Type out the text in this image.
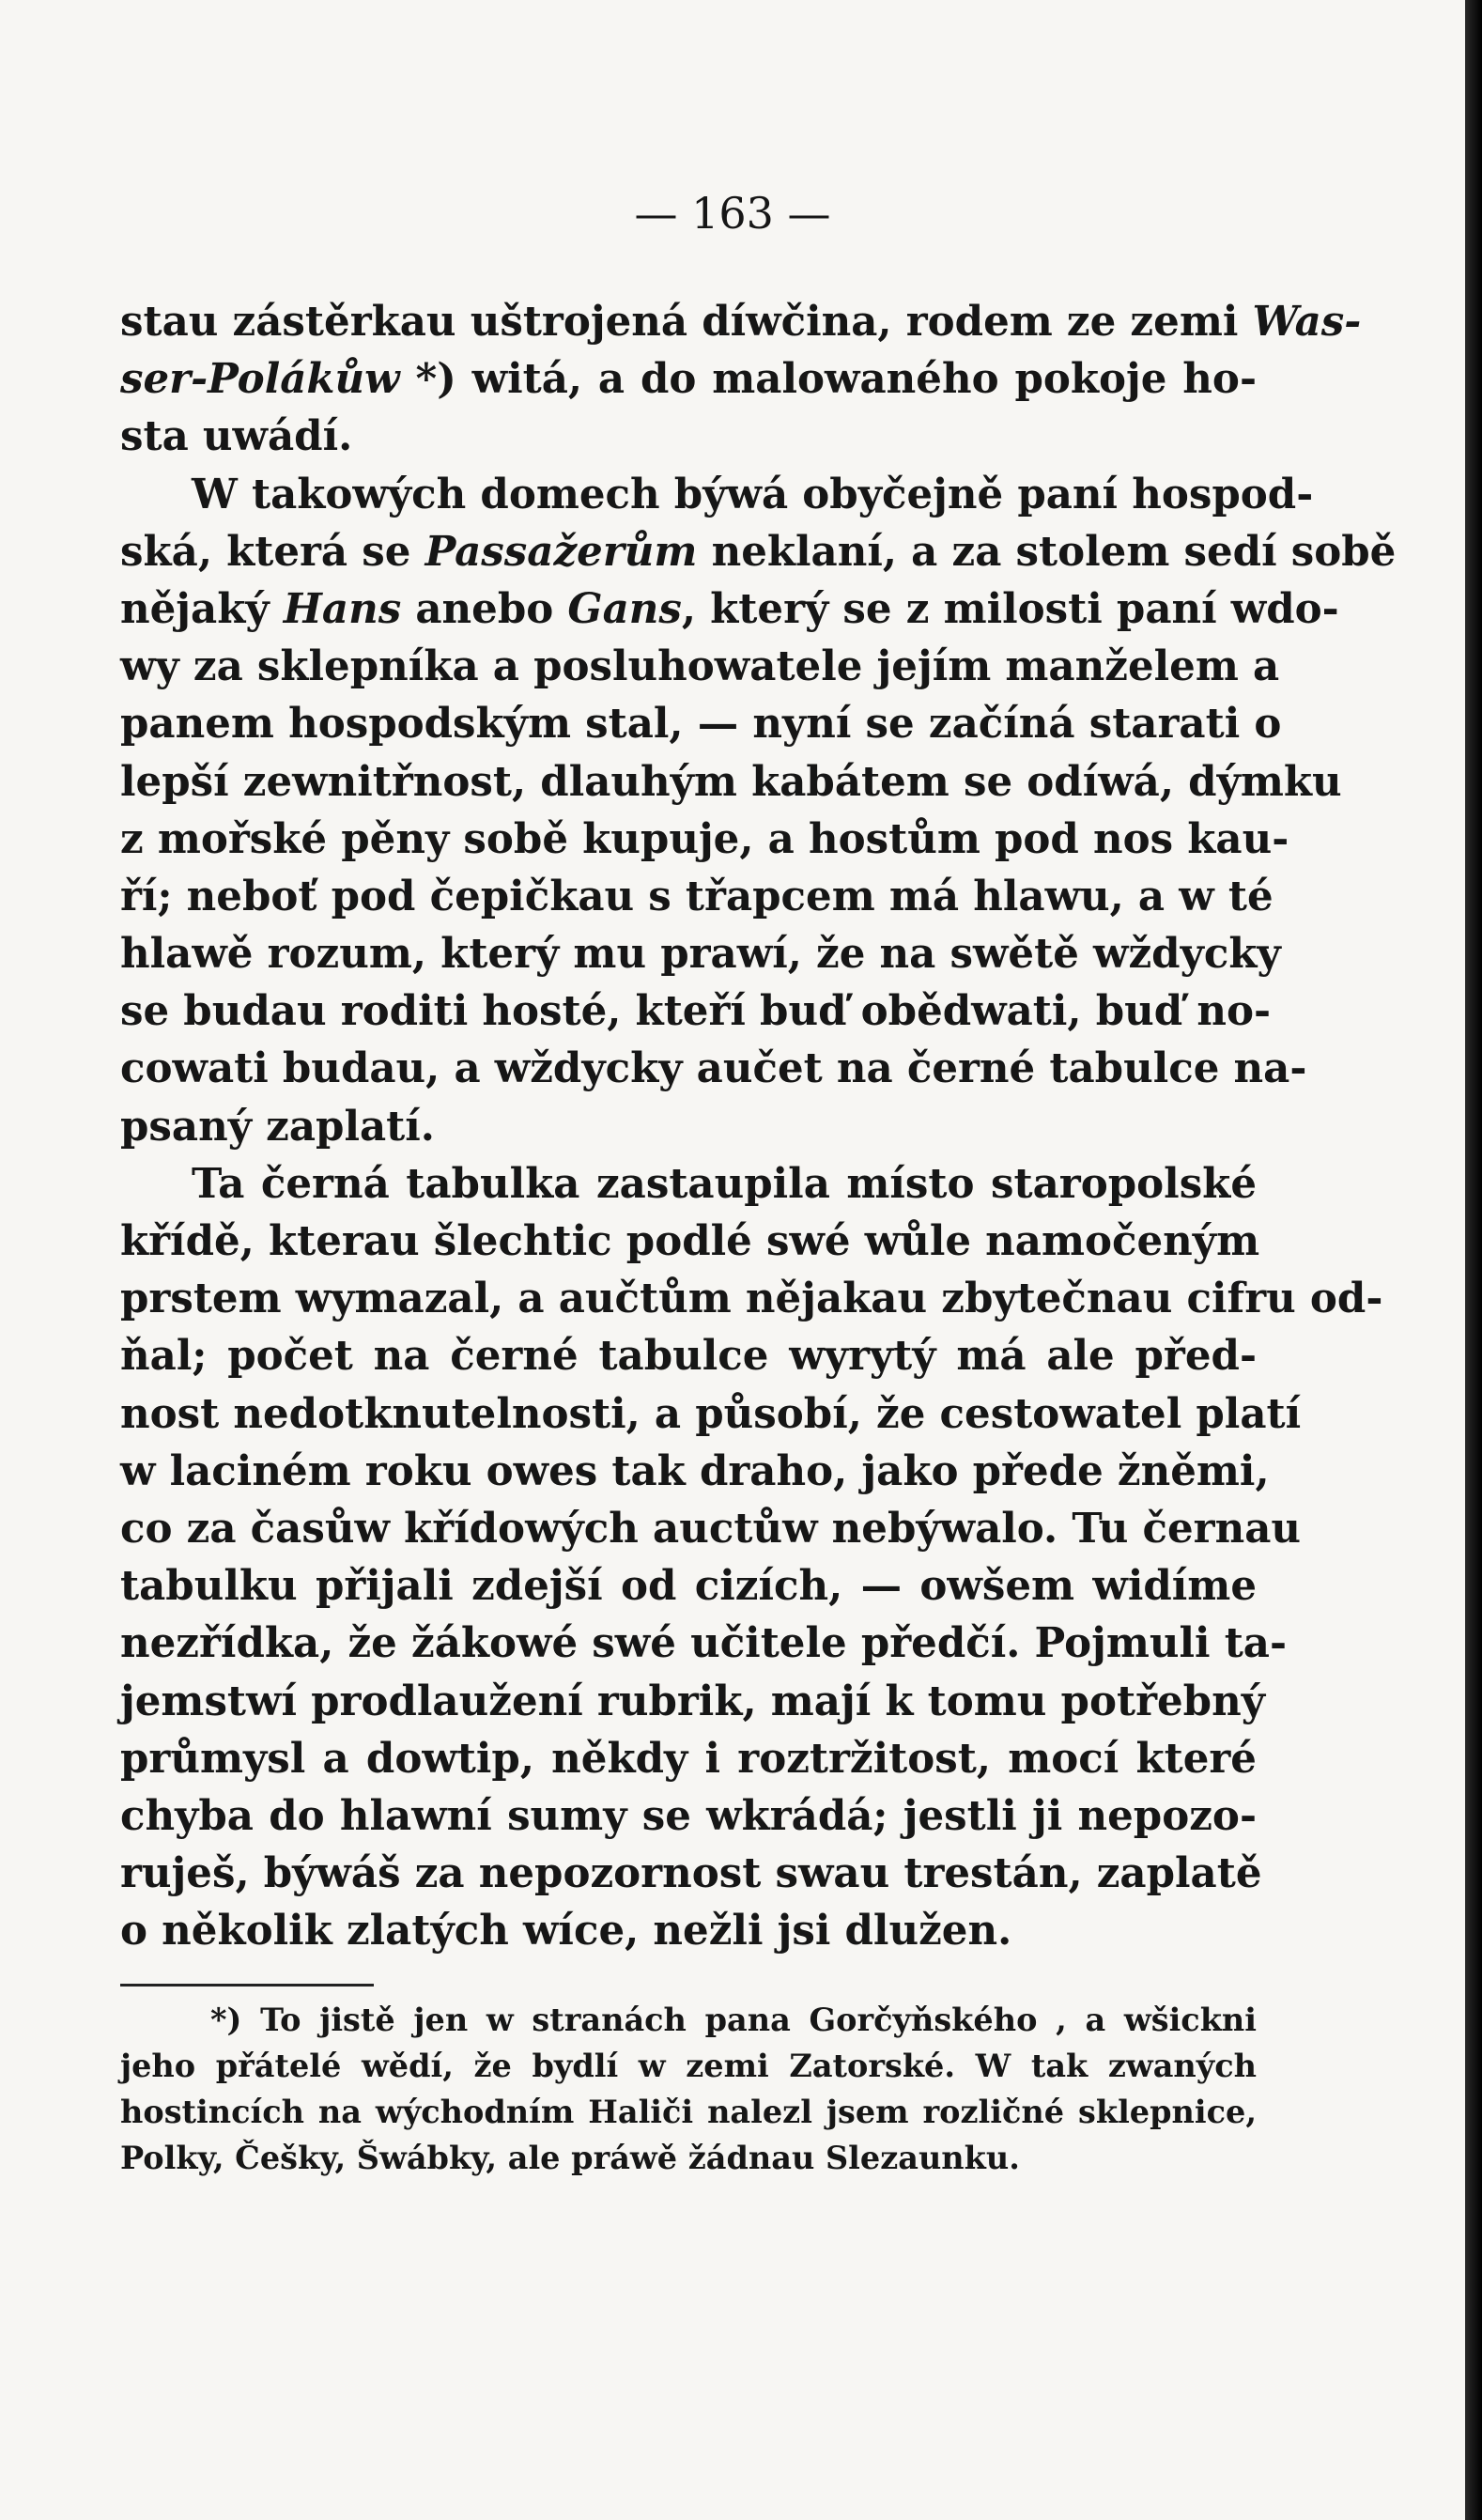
— 163 —
stau zástěrkau uštrojená díwčina, rodem ze zemi Was-
ser-Polákůw *) witá, a do malowaného pokoje ho-
sta uwádí.
W takowých domech býwá obyčejně paní hospod-
ská, která se Passažerům neklaní, a za stolem sedí sobě
nějaký Hans anebo Gans, který se z milosti paní wdo-
wy za sklepníka a posluhowatele jejím manželem a
panem hospodským stal, — nyní se začíná starati o
lepší zewnitřnost, dlauhým kabátem se odíwá, dýmku
z mořské pěny sobě kupuje, a hostům pod nos kau-
ří; neboť pod čepičkau s třapcem má hlawu, a w té
hlawě rozum, který mu prawí, že na swětě wždycky
se budau roditi hosté, kteří buď obědwati, buď no-
cowati budau, a wždycky aučet na černé tabulce na-
psaný zaplatí.
Ta černá tabulka zastaupila místo staropolské
křídě, kterau šlechtic podlé swé wůle namočeným
prstem wymazal, a aučtům nějakau zbytečnau cifru od-
ňal; počet na černé tabulce wyrytý má ale před-
nost nedotknutelnosti, a působí, že cestowatel platí
w laciném roku owes tak draho, jako přede žněmi,
co za časůw křídowých auctůw nebýwalo. Tu černau
tabulku přijali zdejší od cizích, — owšem widíme
nezřídka, že žákowé swé učitele předčí. Pojmuli ta-
jemstwí prodlaužení rubrik, mají k tomu potřebný
průmysl a dowtip, někdy i roztržitost, mocí které
chyba do hlawní sumy se wkrádá; jestli ji nepozo-
ruješ, býwáš za nepozornost swau trestán, zaplatě
o několik zlatých wíce, nežli jsi dlužen.
*) To jistě jen w stranách pana Gorčyňského , a wšickni
jeho přátelé wědí, že bydlí w zemi Zatorské. W tak zwaných
hostincích na wýchodním Haliči nalezl jsem rozličné sklepnice,
Polky, Češky, Šwábky, ale práwě žádnau Slezaunku.
